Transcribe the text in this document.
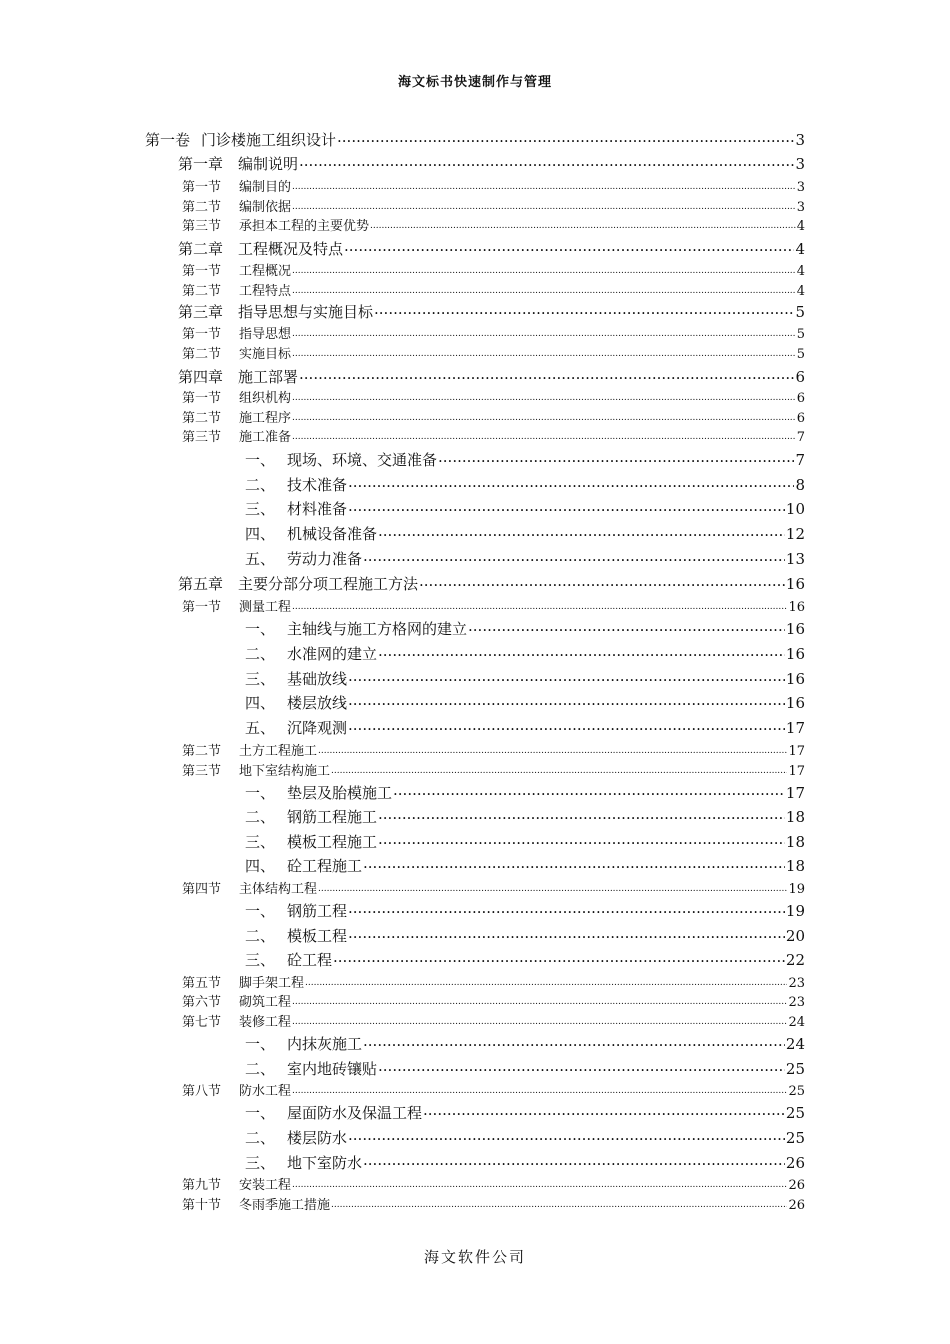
海文标书快速制作与管理
第一卷 门诊楼施工组织设计 .....	3
第一章 编制说明 .....	3
第一节	编制目的 .....	3
第二节	编制依据 .....	3
第三节	承担本工程的主要优势 .....	4
第二章 工程概况及特点 .....	4
第一节	工程概况 .....	4
第二节	工程特点 .....	4
第三章 指导思想与实施目标 .....	5
第一节	指导思想 .....	5
第二节	实施目标 .....	5
第四章 施工部署 .....	6
第一节	组织机构 .....	6
第二节	施工程序 .....	6
第三节	施工准备 .....	7
一、 现场、环境、交通准备 .....	7
二、 技术准备 .....	8
三、 材料准备 .....	10
四、 机械设备准备 .....	12
五、 劳动力准备 .....	13
第五章 主要分部分项工程施工方法 .....	16
第一节	测量工程 .....	16
一、 主轴线与施工方格网的建立 .....	16
二、 水准网的建立 .....	16
三、 基础放线 .....	16
四、 楼层放线 .....	16
五、 沉降观测 .....	17
第二节	土方工程施工 .....	17
第三节	地下室结构施工 .....	17
一、 垫层及胎模施工 .....	17
二、 钢筋工程施工 .....	18
三、 模板工程施工 .....	18
四、 砼工程施工 .....	18
第四节	主体结构工程 .....	19
一、 钢筋工程 .....	19
二、 模板工程 .....	20
三、 砼工程 .....	22
第五节	脚手架工程 .....	23
第六节	砌筑工程 .....	23
第七节	装修工程 .....	24
一、 内抹灰施工 .....	24
二、 室内地砖镶贴 .....	25
第八节	防水工程 .....	25
一、 屋面防水及保温工程 .....	25
二、 楼层防水 .....	25
三、 地下室防水 .....	26
第九节	安装工程 .....	26
第十节	冬雨季施工措施 .....	26
海文软件公司
